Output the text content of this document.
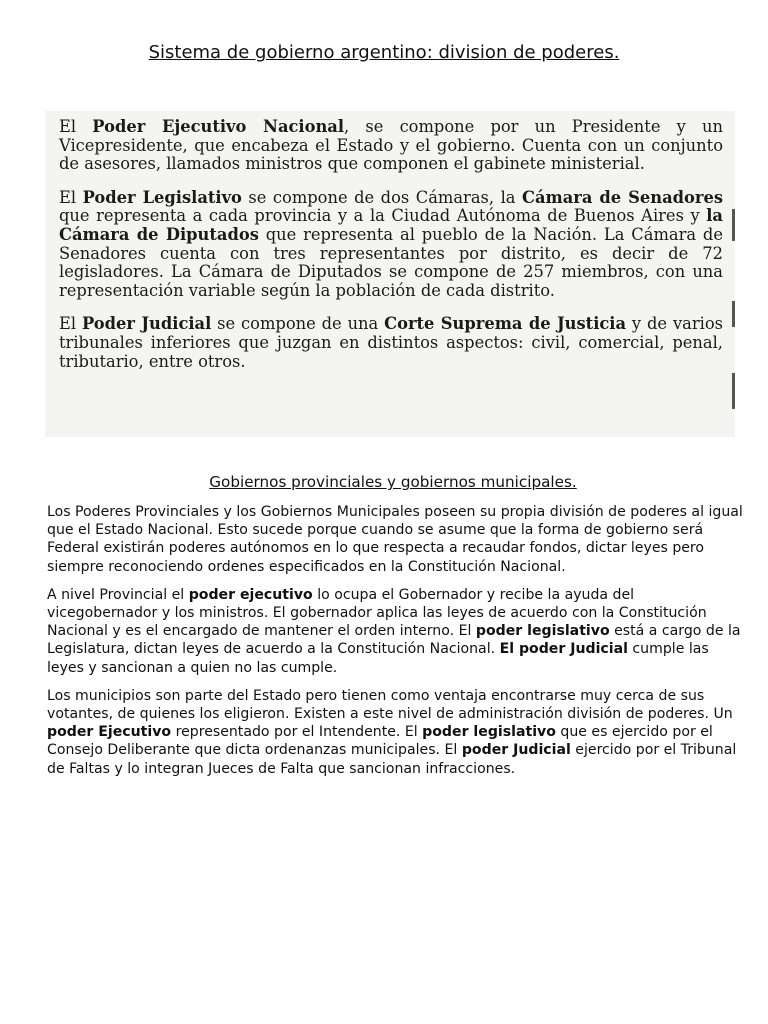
Sistema de gobierno argentino: division de poderes.

El Poder Ejecutivo Nacional, se compone por un Presidente y un Vicepresidente, que encabeza el Estado y el gobierno. Cuenta con un conjunto de asesores, llamados ministros que componen el gabinete ministerial.

El Poder Legislativo se compone de dos Cámaras, la Cámara de Senadores que representa a cada provincia y a la Ciudad Autónoma de Buenos Aires y la Cámara de Diputados que representa al pueblo de la Nación. La Cámara de Senadores cuenta con tres representantes por distrito, es decir de 72 legisladores. La Cámara de Diputados se compone de 257 miembros, con una representación variable según la población de cada distrito.

El Poder Judicial se compone de una Corte Suprema de Justicia y de varios tribunales inferiores que juzgan en distintos aspectos: civil, comercial, penal, tributario, entre otros.

Gobiernos provinciales y gobiernos municipales.

Los Poderes Provinciales y los Gobiernos Municipales poseen su propia división de poderes al igual que el Estado Nacional. Esto sucede porque cuando se asume que la forma de gobierno será Federal existirán poderes autónomos en lo que respecta a recaudar fondos, dictar leyes pero siempre reconociendo ordenes especificados en la Constitución Nacional.

A nivel Provincial el poder ejecutivo lo ocupa el Gobernador y recibe la ayuda del vicegobernador y los ministros. El gobernador aplica las leyes de acuerdo con la Constitución Nacional y es el encargado de mantener el orden interno. El poder legislativo está a cargo de la Legislatura, dictan leyes de acuerdo a la Constitución Nacional. El poder Judicial cumple las leyes y sancionan a quien no las cumple.

Los municipios son parte del Estado pero tienen como ventaja encontrarse muy cerca de sus votantes, de quienes los eligieron. Existen a este nivel de administración división de poderes. Un poder Ejecutivo representado por el Intendente. El poder legislativo que es ejercido por el Consejo Deliberante que dicta ordenanzas municipales. El poder Judicial ejercido por el Tribunal de Faltas y lo integran Jueces de Falta que sancionan infracciones.
